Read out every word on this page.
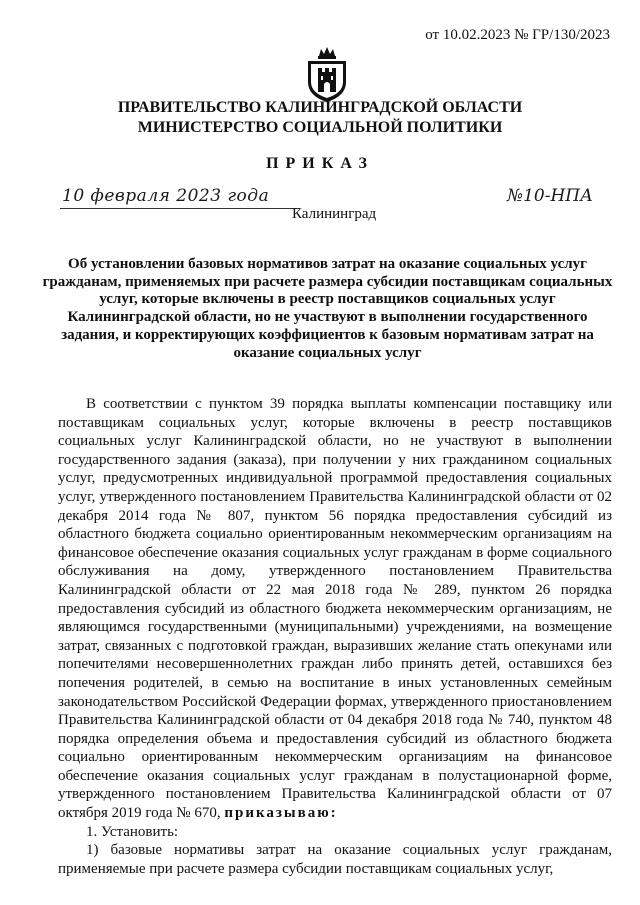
от 10.02.2023 № ГР/130/2023
ПРАВИТЕЛЬСТВО КАЛИНИНГРАДСКОЙ ОБЛАСТИ
МИНИСТЕРСТВО СОЦИАЛЬНОЙ ПОЛИТИКИ
ПРИКАЗ
10 февраля 2023 года
Калининград
№10-НПА
Об установлении базовых нормативов затрат на оказание социальных услуг гражданам, применяемых при расчете размера субсидии поставщикам социальных услуг, которые включены в реестр поставщиков социальных услуг Калининградской области, но не участвуют в выполнении государственного задания, и корректирующих коэффициентов к базовым нормативам затрат на оказание социальных услуг

В соответствии с пунктом 39 порядка выплаты компенсации поставщику или поставщикам социальных услуг, которые включены в реестр поставщиков социальных услуг Калининградской области, но не участвуют в выполнении государственного задания (заказа), при получении у них гражданином социальных услуг, предусмотренных индивидуальной программой предоставления социальных услуг, утвержденного постановлением Правительства Калининградской области от 02 декабря 2014 года № 807, пунктом 56 порядка предоставления субсидий из областного бюджета социально ориентированным некоммерческим организациям на финансовое обеспечение оказания социальных услуг гражданам в форме социального обслуживания на дому, утвержденного постановлением Правительства Калининградской области от 22 мая 2018 года № 289, пунктом 26 порядка предоставления субсидий из областного бюджета некоммерческим организациям, не являющимся государственными (муниципальными) учреждениями, на возмещение затрат, связанных с подготовкой граждан, выразивших желание стать опекунами или попечителями несовершеннолетних граждан либо принять детей, оставшихся без попечения родителей, в семью на воспитание в иных установленных семейным законодательством Российской Федерации формах, утвержденного приостановлением Правительства Калининградской области от 04 декабря 2018 года № 740, пунктом 48 порядка определения объема и предоставления субсидий из областного бюджета социально ориентированным некоммерческим организациям на финансовое обеспечение оказания социальных услуг гражданам в полустационарной форме, утвержденного постановлением Правительства Калининградской области от 07 октября 2019 года № 670, приказываю:

1. Установить:

1) базовые нормативы затрат на оказание социальных услуг гражданам, применяемые при расчете размера субсидии поставщикам социальных услуг,
